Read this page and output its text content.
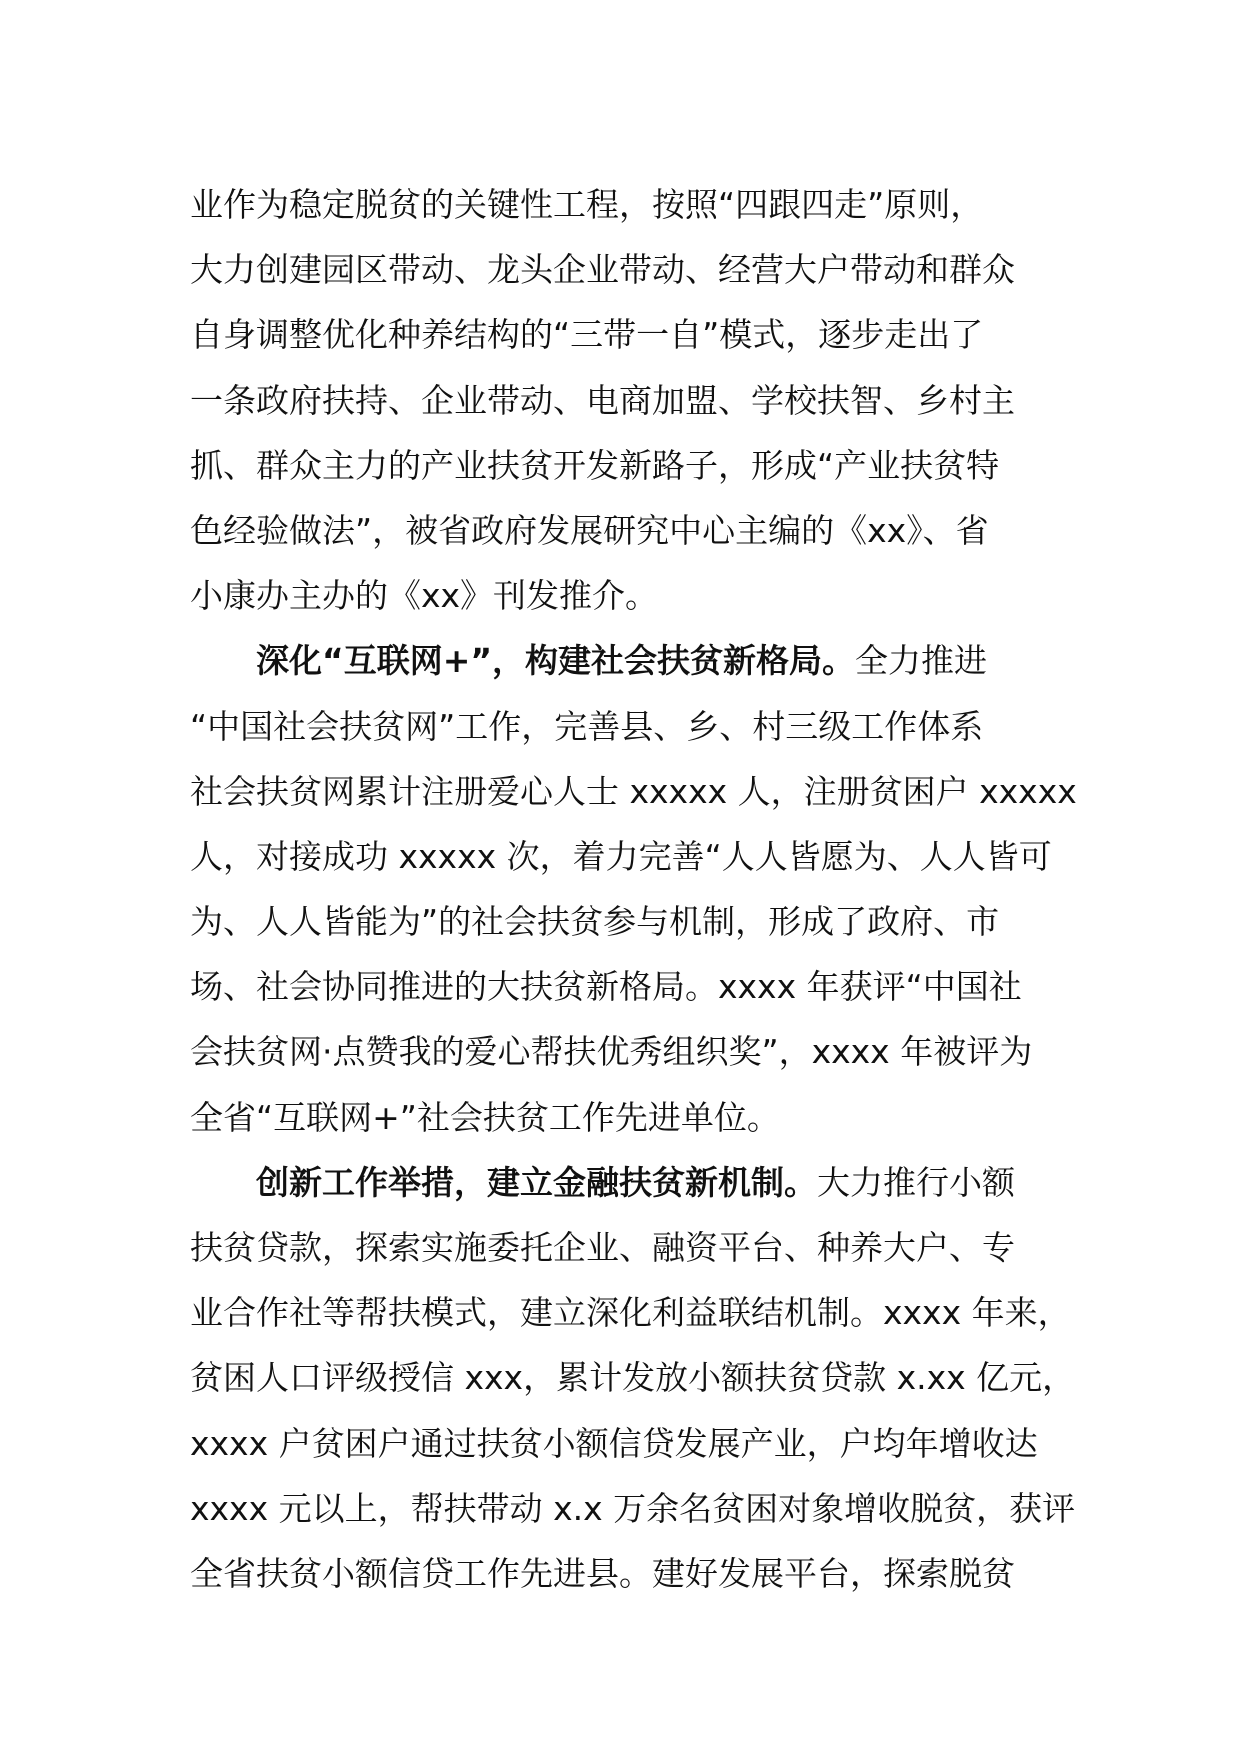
业作为稳定脱贫的关键性工程，按照“四跟四走”原则，
大力创建园区带动、龙头企业带动、经营大户带动和群众
自身调整优化种养结构的“三带一自”模式，逐步走出了
一条政府扶持、企业带动、电商加盟、学校扶智、乡村主
抓、群众主力的产业扶贫开发新路子，形成“产业扶贫特
色经验做法”，被省政府发展研究中心主编的《xx》、省
小康办主办的《xx》刊发推介。
深化“互联网+”，构建社会扶贫新格局。全力推进
“中国社会扶贫网”工作，完善县、乡、村三级工作体系
社会扶贫网累计注册爱心人士 xxxxx 人，注册贫困户 xxxxx
人，对接成功 xxxxx 次，着力完善“人人皆愿为、人人皆可
为、人人皆能为”的社会扶贫参与机制，形成了政府、市
场、社会协同推进的大扶贫新格局。xxxx 年获评“中国社
会扶贫网·点赞我的爱心帮扶优秀组织奖”，xxxx 年被评为
全省“互联网+”社会扶贫工作先进单位。
创新工作举措，建立金融扶贫新机制。大力推行小额
扶贫贷款，探索实施委托企业、融资平台、种养大户、专
业合作社等帮扶模式，建立深化利益联结机制。xxxx 年来，
贫困人口评级授信 xxx，累计发放小额扶贫贷款 x.xx 亿元，
xxxx 户贫困户通过扶贫小额信贷发展产业，户均年增收达
xxxx 元以上，帮扶带动 x.x 万余名贫困对象增收脱贫，获评
全省扶贫小额信贷工作先进县。建好发展平台，探索脱贫
